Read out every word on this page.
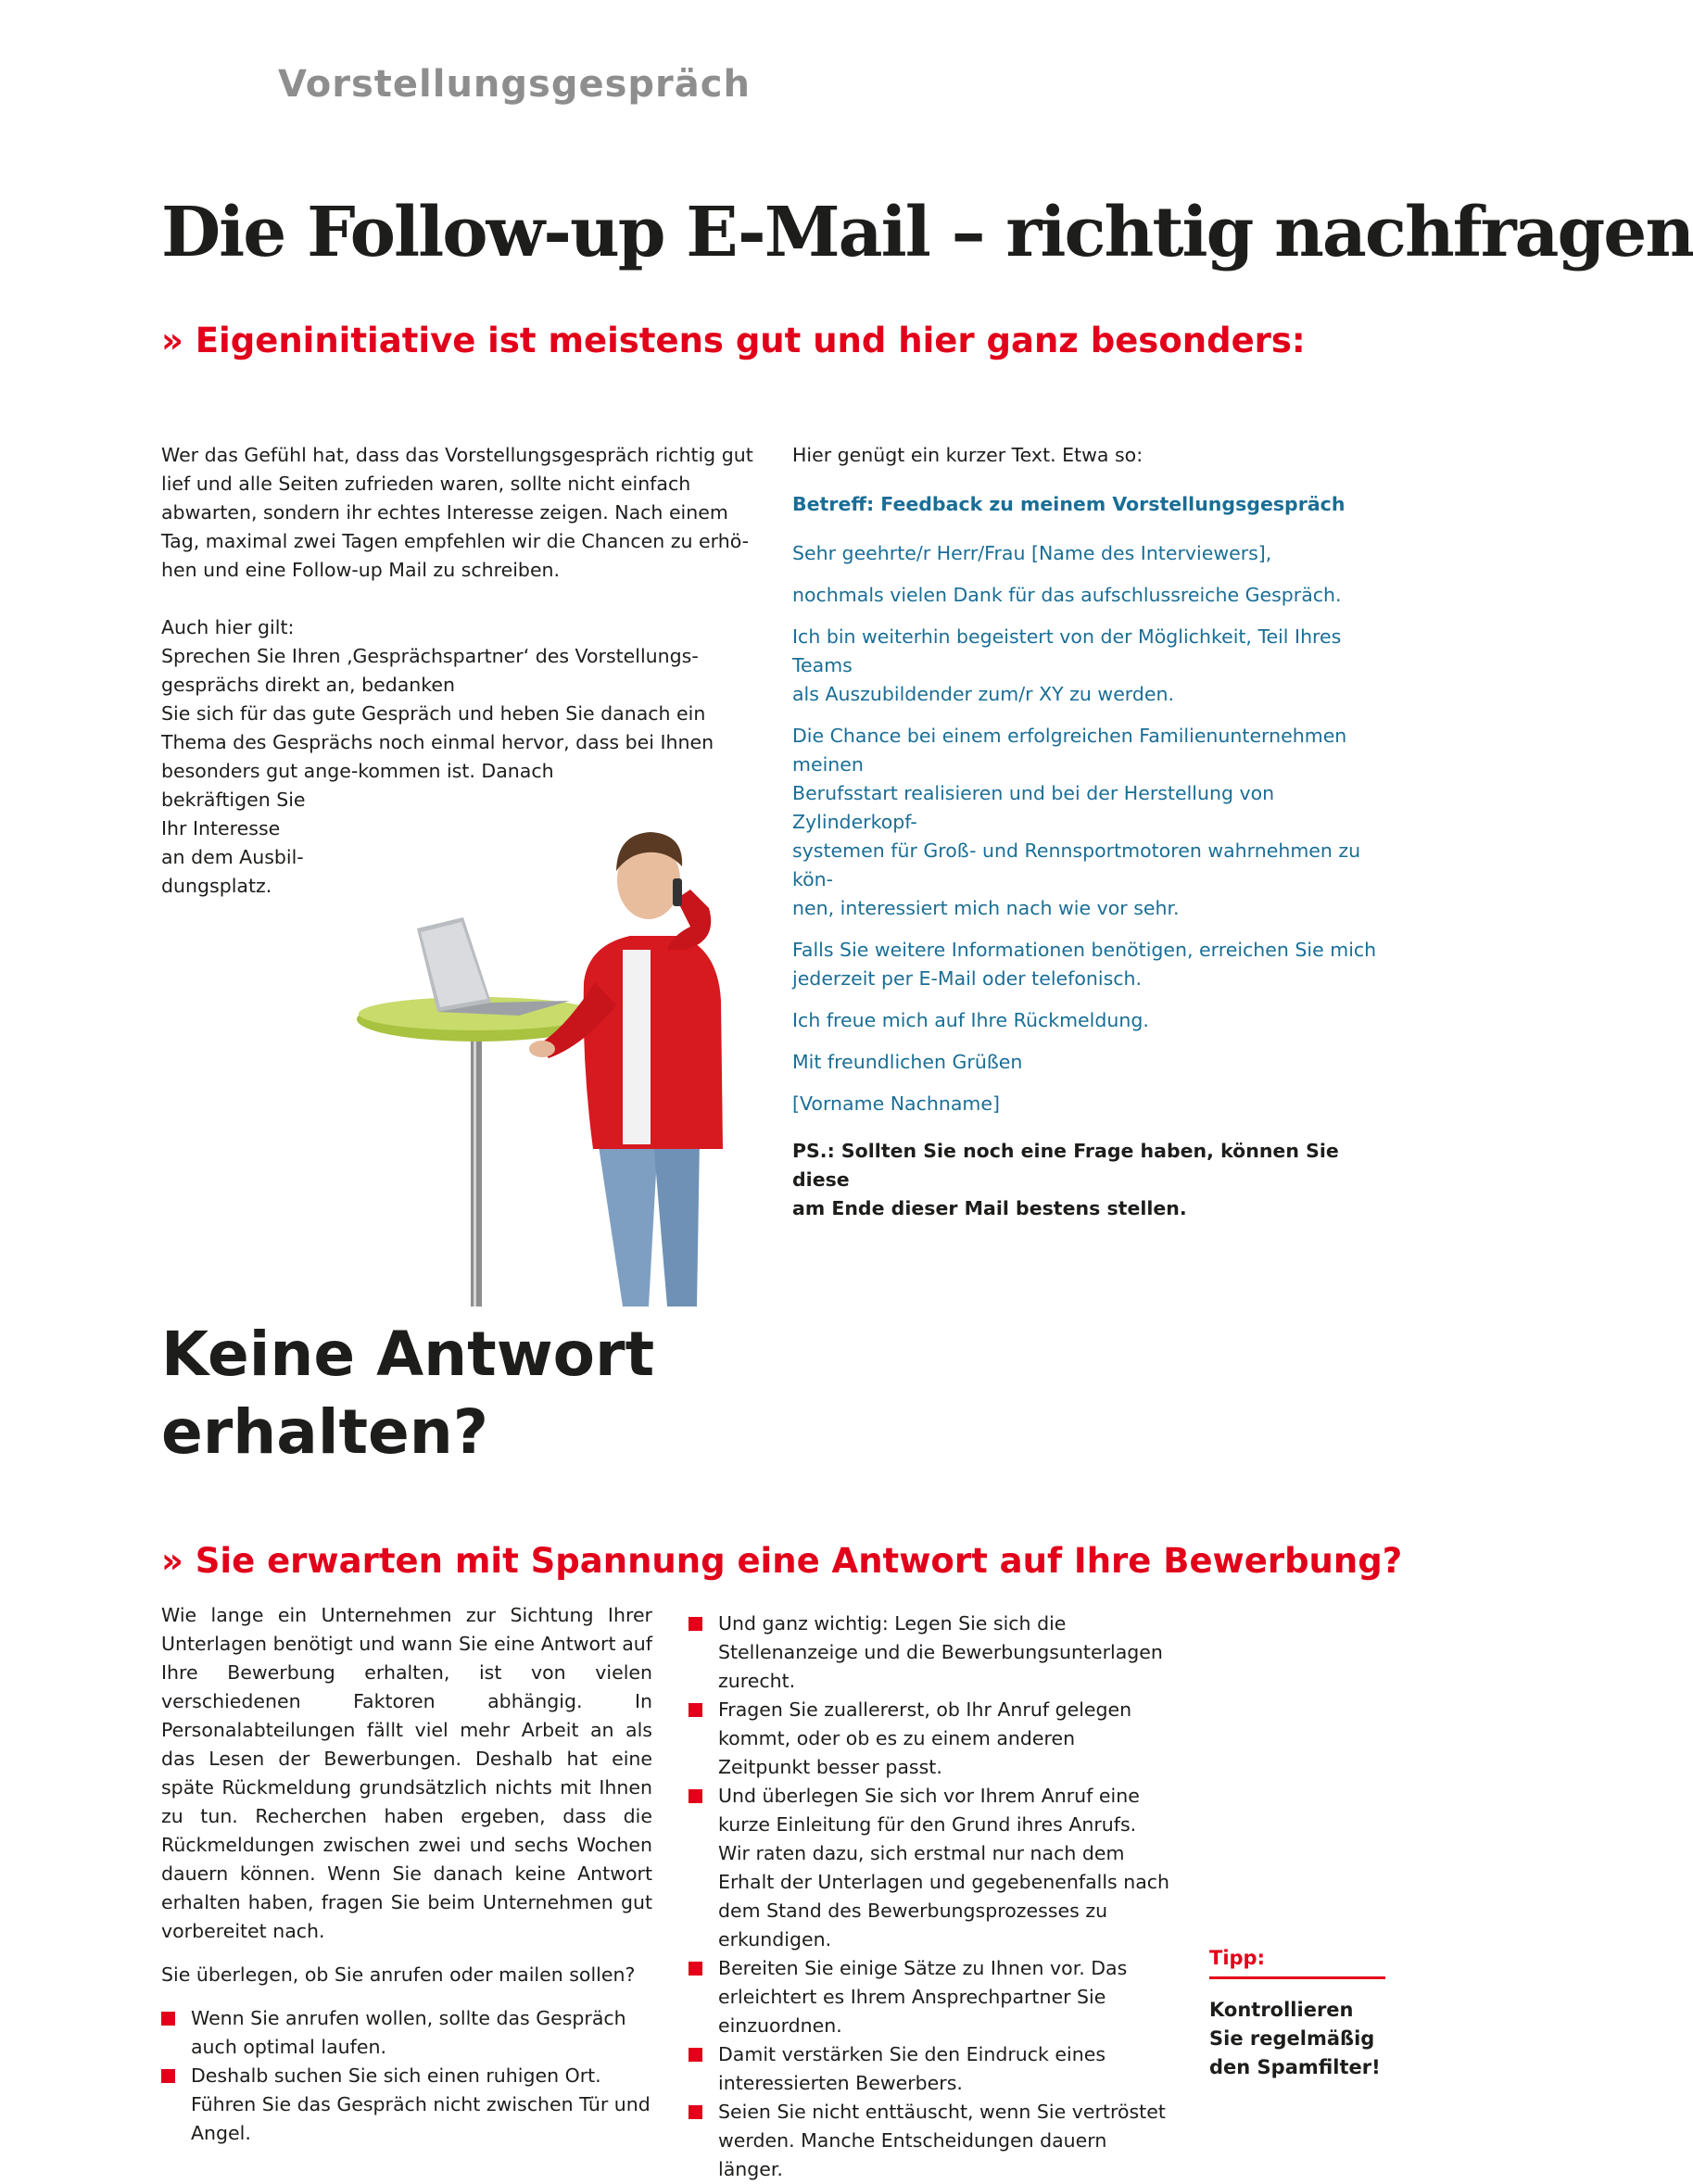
Vorstellungsgespräch
Die Follow-up E-Mail – richtig nachfragen
» Eigeninitiative ist meistens gut und hier ganz besonders:
Wer das Gefühl hat, dass das Vorstellungsgespräch richtig gut
lief und alle Seiten zufrieden waren, sollte nicht einfach
abwarten, sondern ihr echtes Interesse zeigen. Nach einem
Tag, maximal zwei Tagen empfehlen wir die Chancen zu erhö-
hen und eine Follow-up Mail zu schreiben.
Auch hier gilt:
Sprechen Sie Ihren ‚Gesprächspartner‘ des Vorstellungs-
gesprächs direkt an, bedanken
Sie sich für das gute Gespräch und heben Sie danach ein
Thema des Gesprächs noch einmal hervor, dass bei Ihnen
besonders gut ange-kommen ist. Danach
bekräftigen Sie
Ihr Interesse
an dem Ausbil-
dungsplatz.

Hier genügt ein kurzer Text. Etwa so:

Betreff: Feedback zu meinem Vorstellungsgespräch

Sehr geehrte/r Herr/Frau [Name des Interviewers],

nochmals vielen Dank für das aufschlussreiche Gespräch.

Ich bin weiterhin begeistert von der Möglichkeit, Teil Ihres Teams
als Auszubildender zum/r XY zu werden.

Die Chance bei einem erfolgreichen Familienunternehmen meinen
Berufsstart realisieren und bei der Herstellung von Zylinderkopf-
systemen für Groß- und Rennsportmotoren wahrnehmen zu kön-
nen, interessiert mich nach wie vor sehr.

Falls Sie weitere Informationen benötigen, erreichen Sie mich
jederzeit per E-Mail oder telefonisch.

Ich freue mich auf Ihre Rückmeldung.

Mit freundlichen Grüßen

[Vorname Nachname]

PS.: Sollten Sie noch eine Frage haben, können Sie diese
am Ende dieser Mail bestens stellen.

Keine Antwort
erhalten?
» Sie erwarten mit Spannung eine Antwort auf Ihre Bewerbung?

Wie lange ein Unternehmen zur Sichtung Ihrer Unterlagen benötigt und wann Sie eine Antwort auf Ihre Bewerbung erhalten, ist von vielen verschiedenen Faktoren abhängig. In Personalabteilungen fällt viel mehr Arbeit an als das Lesen der Bewerbungen. Deshalb hat eine späte Rückmeldung grundsätzlich nichts mit Ihnen zu tun. Recherchen haben ergeben, dass die Rückmeldungen zwischen zwei und sechs Wochen dauern können. Wenn Sie danach keine Antwort erhalten haben, fragen Sie beim Unternehmen gut vorbereitet nach.

Sie überlegen, ob Sie anrufen oder mailen sollen?

Wenn Sie anrufen wollen, sollte das Gespräch auch optimal laufen.
Deshalb suchen Sie sich einen ruhigen Ort. Führen Sie das Gespräch nicht zwischen Tür und Angel.
Und ganz wichtig: Legen Sie sich die Stellenanzeige und die Bewerbungsunterlagen zurecht.
Fragen Sie zuallererst, ob Ihr Anruf gelegen kommt, oder ob es zu einem anderen Zeitpunkt besser passt.
Und überlegen Sie sich vor Ihrem Anruf eine kurze Einleitung für den Grund ihres Anrufs. Wir raten dazu, sich erstmal nur nach dem Erhalt der Unterlagen und gegebenenfalls nach dem Stand des Bewerbungsprozesses zu erkundigen.
Bereiten Sie einige Sätze zu Ihnen vor. Das erleichtert es Ihrem Ansprechpartner Sie einzuordnen.
Damit verstärken Sie den Eindruck eines interessierten Bewerbers.
Seien Sie nicht enttäuscht, wenn Sie vertröstet werden. Manche Entscheidungen dauern länger.
Tipp:
Kontrollieren Sie regelmäßig den Spamfilter!
